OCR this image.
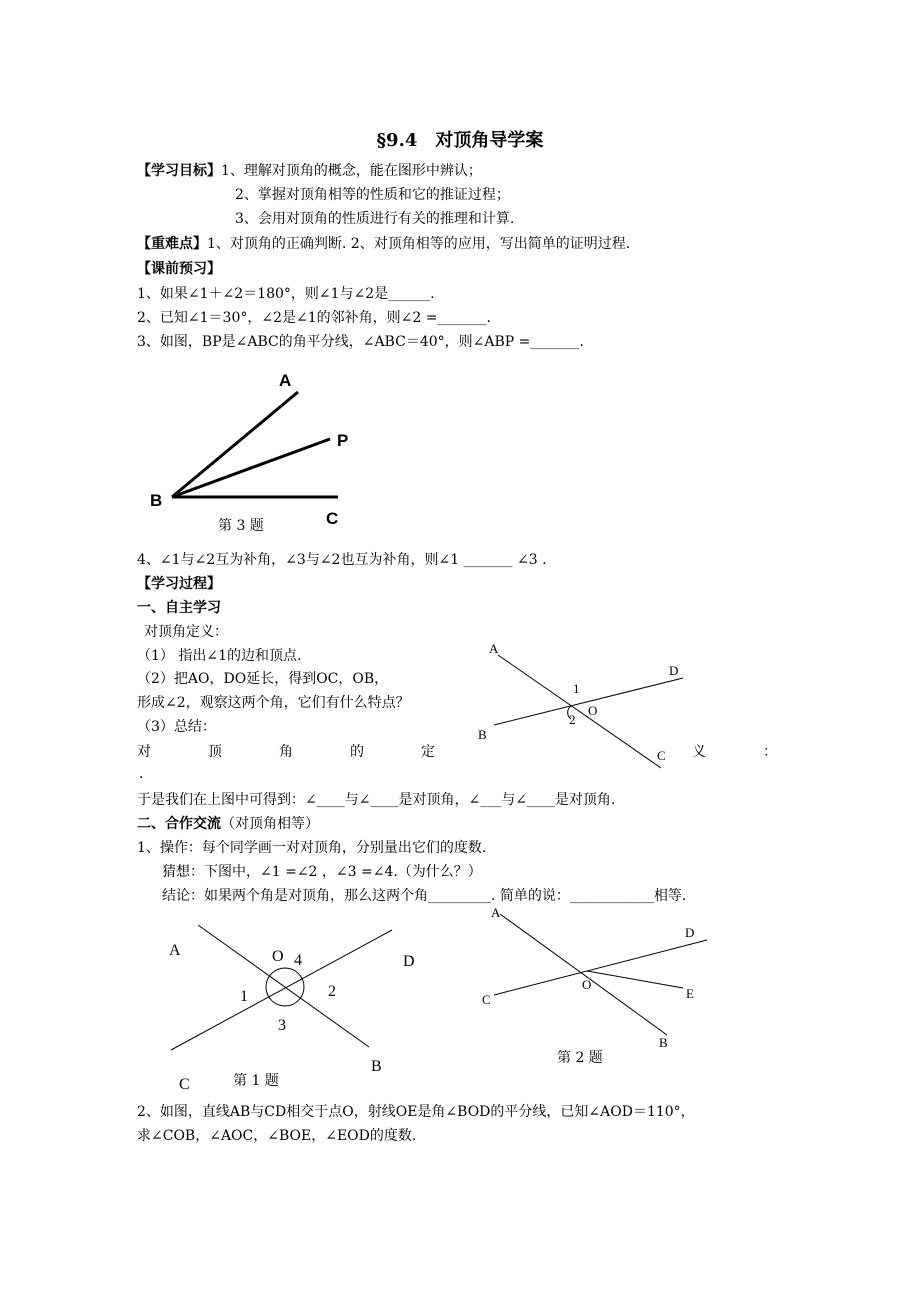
§9.4　对顶角导学案
【学习目标】1、理解对顶角的概念，能在图形中辨认；
2、掌握对顶角相等的性质和它的推证过程；
3、会用对顶角的性质进行有关的推理和计算.
【重难点】1、对顶角的正确判断. 2、对顶角相等的应用，写出简单的证明过程.
【课前预习】
1、如果∠1＋∠2＝180°，则∠1与∠2是______.
2、已知∠1＝30°，∠2是∠1的邻补角，则∠2 =_______.
3、如图，BP是∠ABC的角平分线，∠ABC＝40°，则∠ABP =_______.
A
P
B
C
第 3 题
4、∠1与∠2互为补角，∠3与∠2也互为补角，则∠1 _______ ∠3 .
【学习过程】
一、自主学习
对顶角定义：
（1） 指出∠1的边和顶点.
（2）把AO，DO延长，得到OC，OB，
形成∠2，观察这两个角，它们有什么特点？
（3）总结：
对	顶	角	的	定	义	：
.
A
D
B
C
1
2
O
于是我们在上图中可得到：∠____与∠____是对顶角，∠___与∠____是对顶角.
二、合作交流（对顶角相等）
1、操作：每个同学画一对对顶角，分别量出它们的度数.
猜想：下图中，∠1 =∠2 ，∠3 =∠4.（为什么？）
结论：如果两个角是对顶角，那么这两个角_________. 简单的说：____________相等.
A	O 4	D
1	2
3
B
C	第 1 题
A
D
C
O
E
B
第 2 题
2、如图，直线AB与CD相交于点O，射线OE是角∠BOD的平分线，已知∠AOD＝110°，
求∠COB，∠AOC，∠BOE，∠EOD的度数.
